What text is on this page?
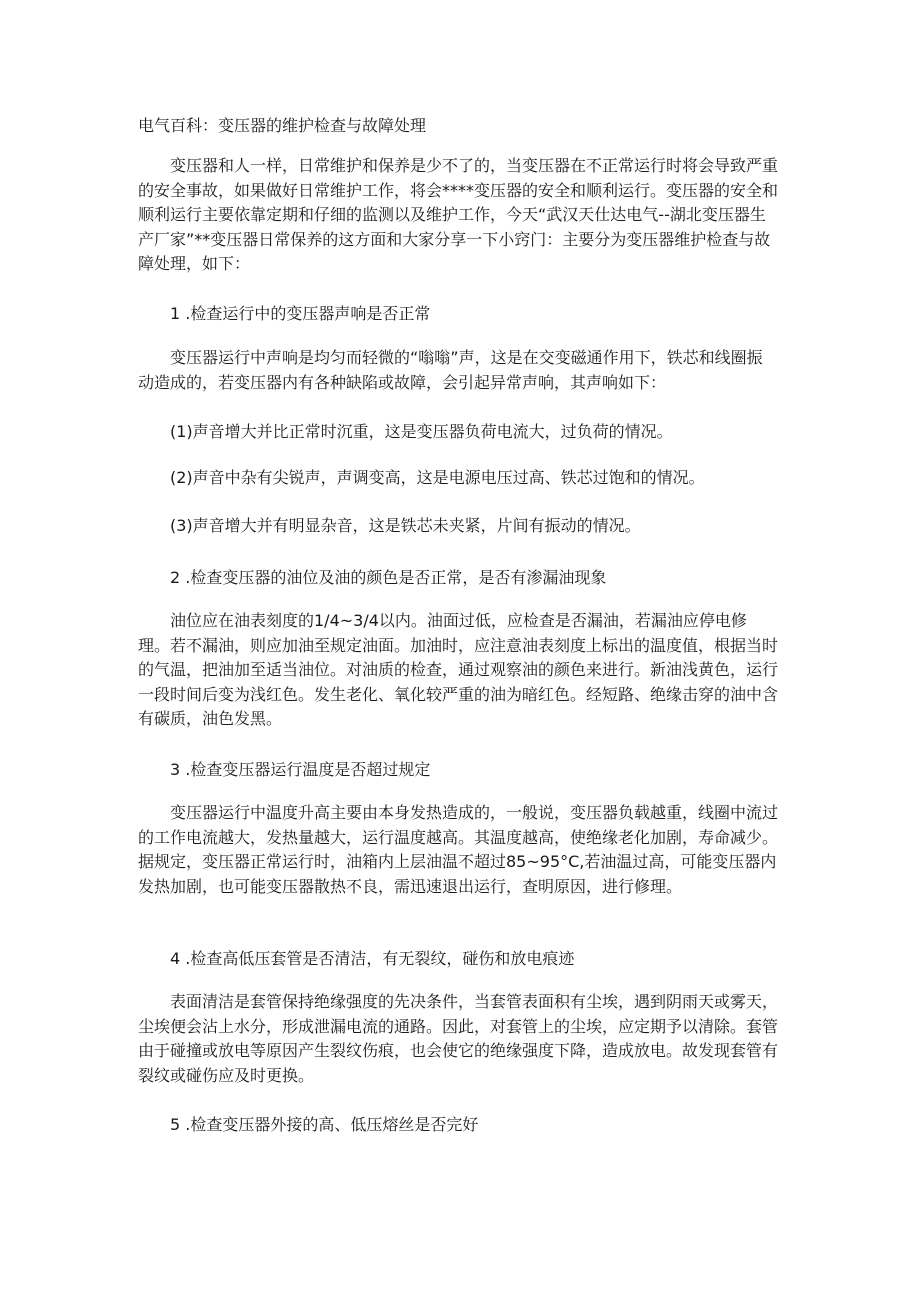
电气百科：变压器的维护检查与故障处理

变压器和人一样，日常维护和保养是少不了的，当变压器在不正常运行时将会导致严重的安全事故，如果做好日常维护工作，将会****变压器的安全和顺利运行。变压器的安全和顺利运行主要依靠定期和仔细的监测以及维护工作，今天“武汉天仕达电气--湖北变压器生产厂家”**变压器日常保养的这方面和大家分享一下小窍门：主要分为变压器维护检查与故障处理，如下：

1 .检查运行中的变压器声响是否正常

变压器运行中声响是均匀而轻微的“嗡嗡”声，这是在交变磁通作用下，铁芯和线圈振动造成的，若变压器内有各种缺陷或故障，会引起异常声响，其声响如下：

(1)声音增大并比正常时沉重，这是变压器负荷电流大，过负荷的情况。
(2)声音中杂有尖锐声，声调变高，这是电源电压过高、铁芯过饱和的情况。
(3)声音增大并有明显杂音，这是铁芯未夹紧，片间有振动的情况。
2 .检查变压器的油位及油的颜色是否正常，是否有渗漏油现象

油位应在油表刻度的1/4~3/4以内。油面过低，应检查是否漏油，若漏油应停电修理。若不漏油，则应加油至规定油面。加油时，应注意油表刻度上标出的温度值，根据当时的气温，把油加至适当油位。对油质的检查，通过观察油的颜色来进行。新油浅黄色，运行一段时间后变为浅红色。发生老化、氧化较严重的油为暗红色。经短路、绝缘击穿的油中含有碳质，油色发黑。

3 .检查变压器运行温度是否超过规定

变压器运行中温度升高主要由本身发热造成的，一般说，变压器负载越重，线圈中流过的工作电流越大，发热量越大，运行温度越高。其温度越高，使绝缘老化加剧，寿命减少。据规定，变压器正常运行时，油箱内上层油温不超过85~95°C,若油温过高，可能变压器内发热加剧，也可能变压器散热不良，需迅速退出运行，查明原因，进行修理。

4 .检查高低压套管是否清洁，有无裂纹，碰伤和放电痕迹

表面清洁是套管保持绝缘强度的先决条件，当套管表面积有尘埃，遇到阴雨天或雾天，尘埃便会沾上水分，形成泄漏电流的通路。因此，对套管上的尘埃，应定期予以清除。套管由于碰撞或放电等原因产生裂纹伤痕，也会使它的绝缘强度下降，造成放电。故发现套管有裂纹或碰伤应及时更换。

5 .检查变压器外接的高、低压熔丝是否完好
